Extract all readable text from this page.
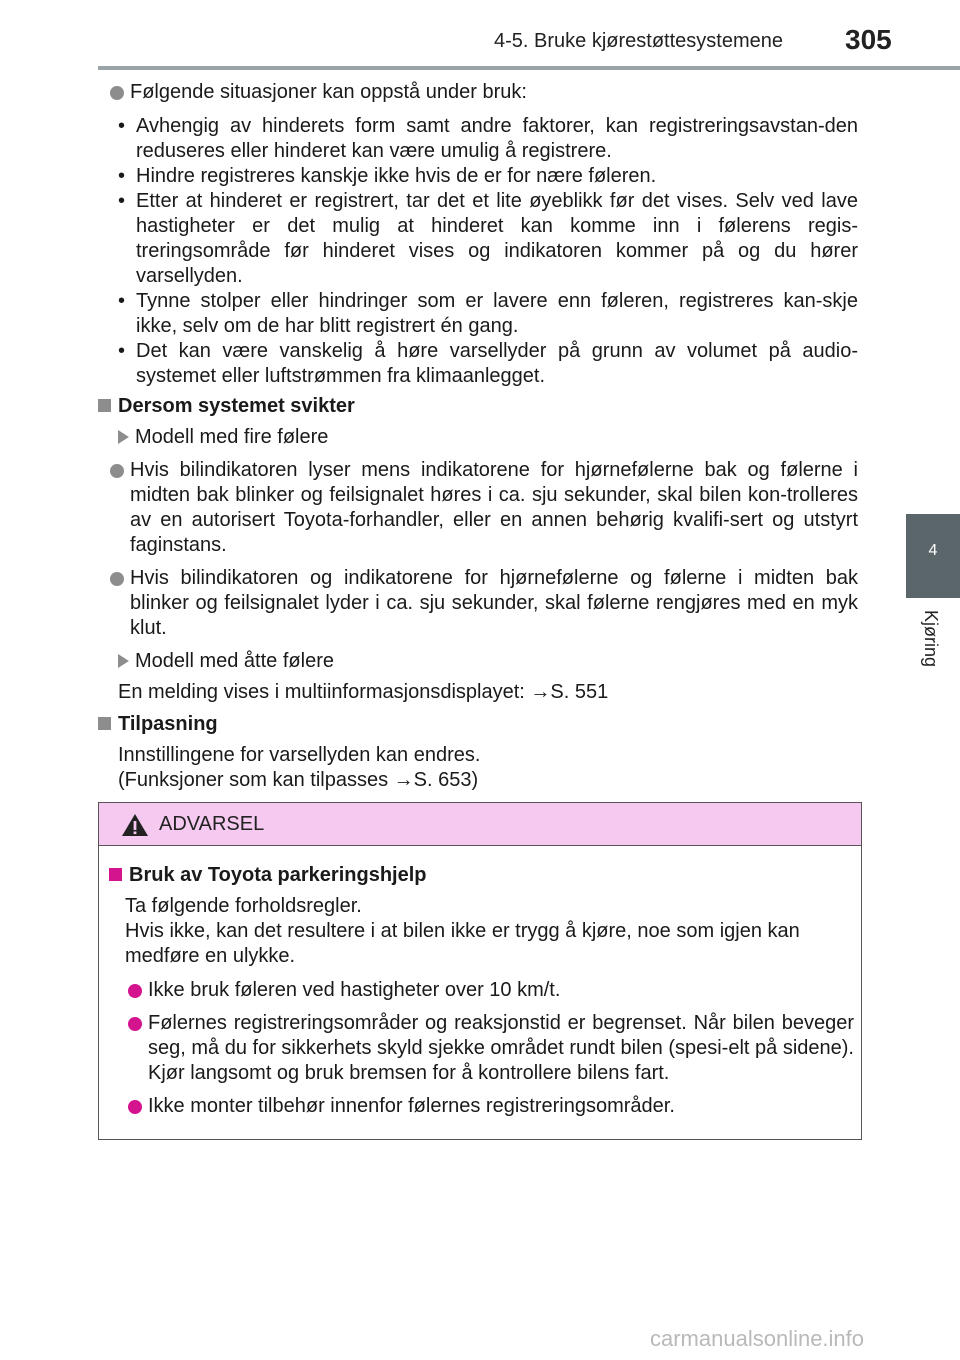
4-5. Bruke kjørestøttesystemene 305
4
Kjøring
Følgende situasjoner kan oppstå under bruk:
• Avhengig av hinderets form samt andre faktorer, kan registreringsavstan-den reduseres eller hinderet kan være umulig å registrere.
• Hindre registreres kanskje ikke hvis de er for nære føleren.
• Etter at hinderet er registrert, tar det et lite øyeblikk før det vises. Selv ved lave hastigheter er det mulig at hinderet kan komme inn i følerens regis-treringsområde før hinderet vises og indikatoren kommer på og du hører varsellyden.
• Tynne stolper eller hindringer som er lavere enn føleren, registreres kan-skje ikke, selv om de har blitt registrert én gang.
• Det kan være vanskelig å høre varsellyder på grunn av volumet på audio-systemet eller luftstrømmen fra klimaanlegget.
Dersom systemet svikter
Modell med fire følere
Hvis bilindikatoren lyser mens indikatorene for hjørnefølerne bak og følerne i midten bak blinker og feilsignalet høres i ca. sju sekunder, skal bilen kon-trolleres av en autorisert Toyota-forhandler, eller en annen behørig kvalifi-sert og utstyrt faginstans.
Hvis bilindikatoren og indikatorene for hjørnefølerne og følerne i midten bak blinker og feilsignalet lyder i ca. sju sekunder, skal følerne rengjøres med en myk klut.
Modell med åtte følere
En melding vises i multiinformasjonsdisplayet: →S. 551
Tilpasning
Innstillingene for varsellyden kan endres.
(Funksjoner som kan tilpasses →S. 653)
ADVARSEL
Bruk av Toyota parkeringshjelp
Ta følgende forholdsregler.
Hvis ikke, kan det resultere i at bilen ikke er trygg å kjøre, noe som igjen kan medføre en ulykke.
Ikke bruk føleren ved hastigheter over 10 km/t.
Følernes registreringsområder og reaksjonstid er begrenset. Når bilen beveger seg, må du for sikkerhets skyld sjekke området rundt bilen (spesi-elt på sidene). Kjør langsomt og bruk bremsen for å kontrollere bilens fart.
Ikke monter tilbehør innenfor følernes registreringsområder.
carmanualsonline.info
